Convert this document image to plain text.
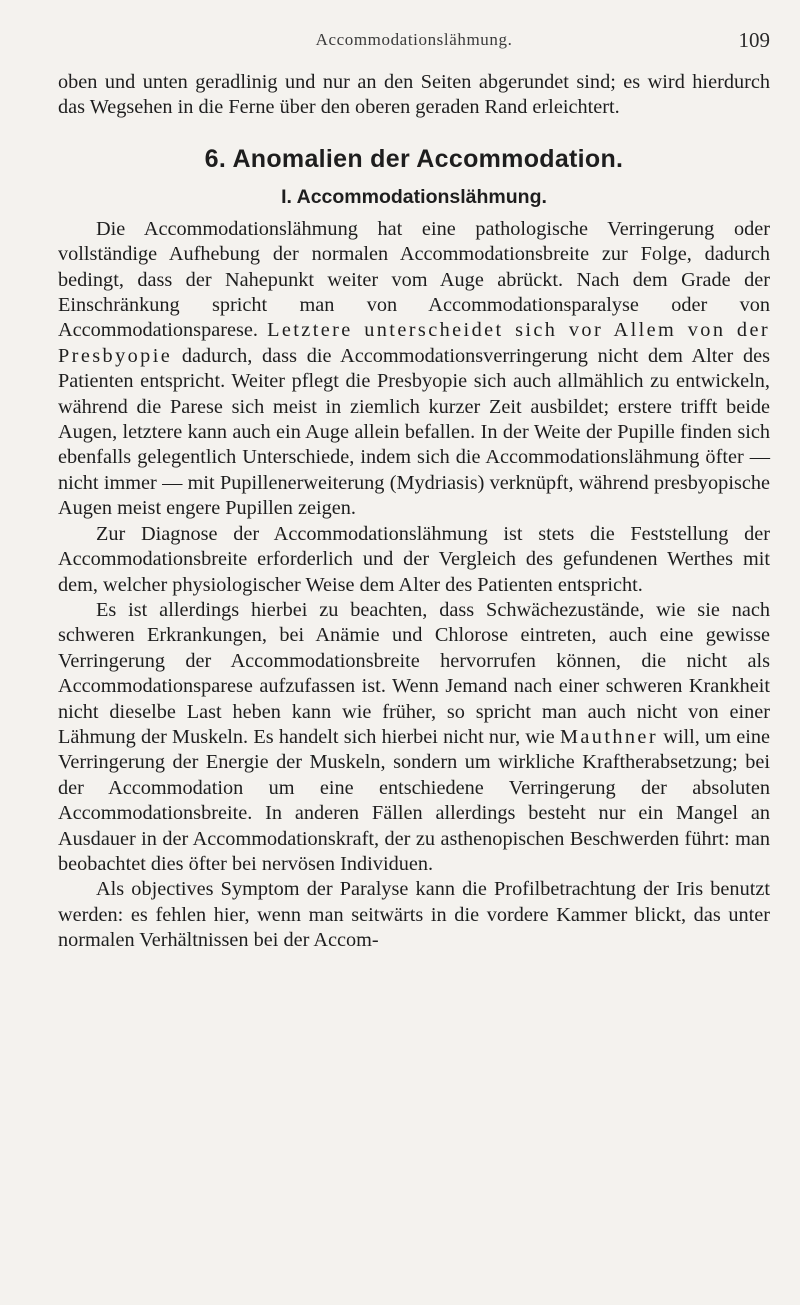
Accommodationslähmung.	109

oben und unten geradlinig und nur an den Seiten abgerundet sind; es wird hierdurch das Wegsehen in die Ferne über den oberen geraden Rand erleichtert.

6. Anomalien der Accommodation.
I. Accommodationslähmung.

Die Accommodationslähmung hat eine pathologische Verringerung oder vollständige Aufhebung der normalen Accommodationsbreite zur Folge, dadurch bedingt, dass der Nahepunkt weiter vom Auge abrückt. Nach dem Grade der Einschränkung spricht man von Accommodationsparalyse oder von Accommodationsparese. Letztere unterscheidet sich vor Allem von der Presbyopie dadurch, dass die Accommodationsverringerung nicht dem Alter des Patienten entspricht. Weiter pflegt die Presbyopie sich auch allmählich zu entwickeln, während die Parese sich meist in ziemlich kurzer Zeit ausbildet; erstere trifft beide Augen, letztere kann auch ein Auge allein befallen. In der Weite der Pupille finden sich ebenfalls gelegentlich Unterschiede, indem sich die Accommodationslähmung öfter — nicht immer — mit Pupillenerweiterung (Mydriasis) verknüpft, während presbyopische Augen meist engere Pupillen zeigen.

Zur Diagnose der Accommodationslähmung ist stets die Feststellung der Accommodationsbreite erforderlich und der Vergleich des gefundenen Werthes mit dem, welcher physiologischer Weise dem Alter des Patienten entspricht.

Es ist allerdings hierbei zu beachten, dass Schwächezustände, wie sie nach schweren Erkrankungen, bei Anämie und Chlorose eintreten, auch eine gewisse Verringerung der Accommodationsbreite hervorrufen können, die nicht als Accommodationsparese aufzufassen ist. Wenn Jemand nach einer schweren Krankheit nicht dieselbe Last heben kann wie früher, so spricht man auch nicht von einer Lähmung der Muskeln. Es handelt sich hierbei nicht nur, wie Mauthner will, um eine Verringerung der Energie der Muskeln, sondern um wirkliche Kraftherabsetzung; bei der Accommodation um eine entschiedene Verringerung der absoluten Accommodationsbreite. In anderen Fällen allerdings besteht nur ein Mangel an Ausdauer in der Accommodationskraft, der zu asthenopischen Beschwerden führt: man beobachtet dies öfter bei nervösen Individuen.

Als objectives Symptom der Paralyse kann die Profilbetrachtung der Iris benutzt werden: es fehlen hier, wenn man seitwärts in die vordere Kammer blickt, das unter normalen Verhältnissen bei der Accom-
